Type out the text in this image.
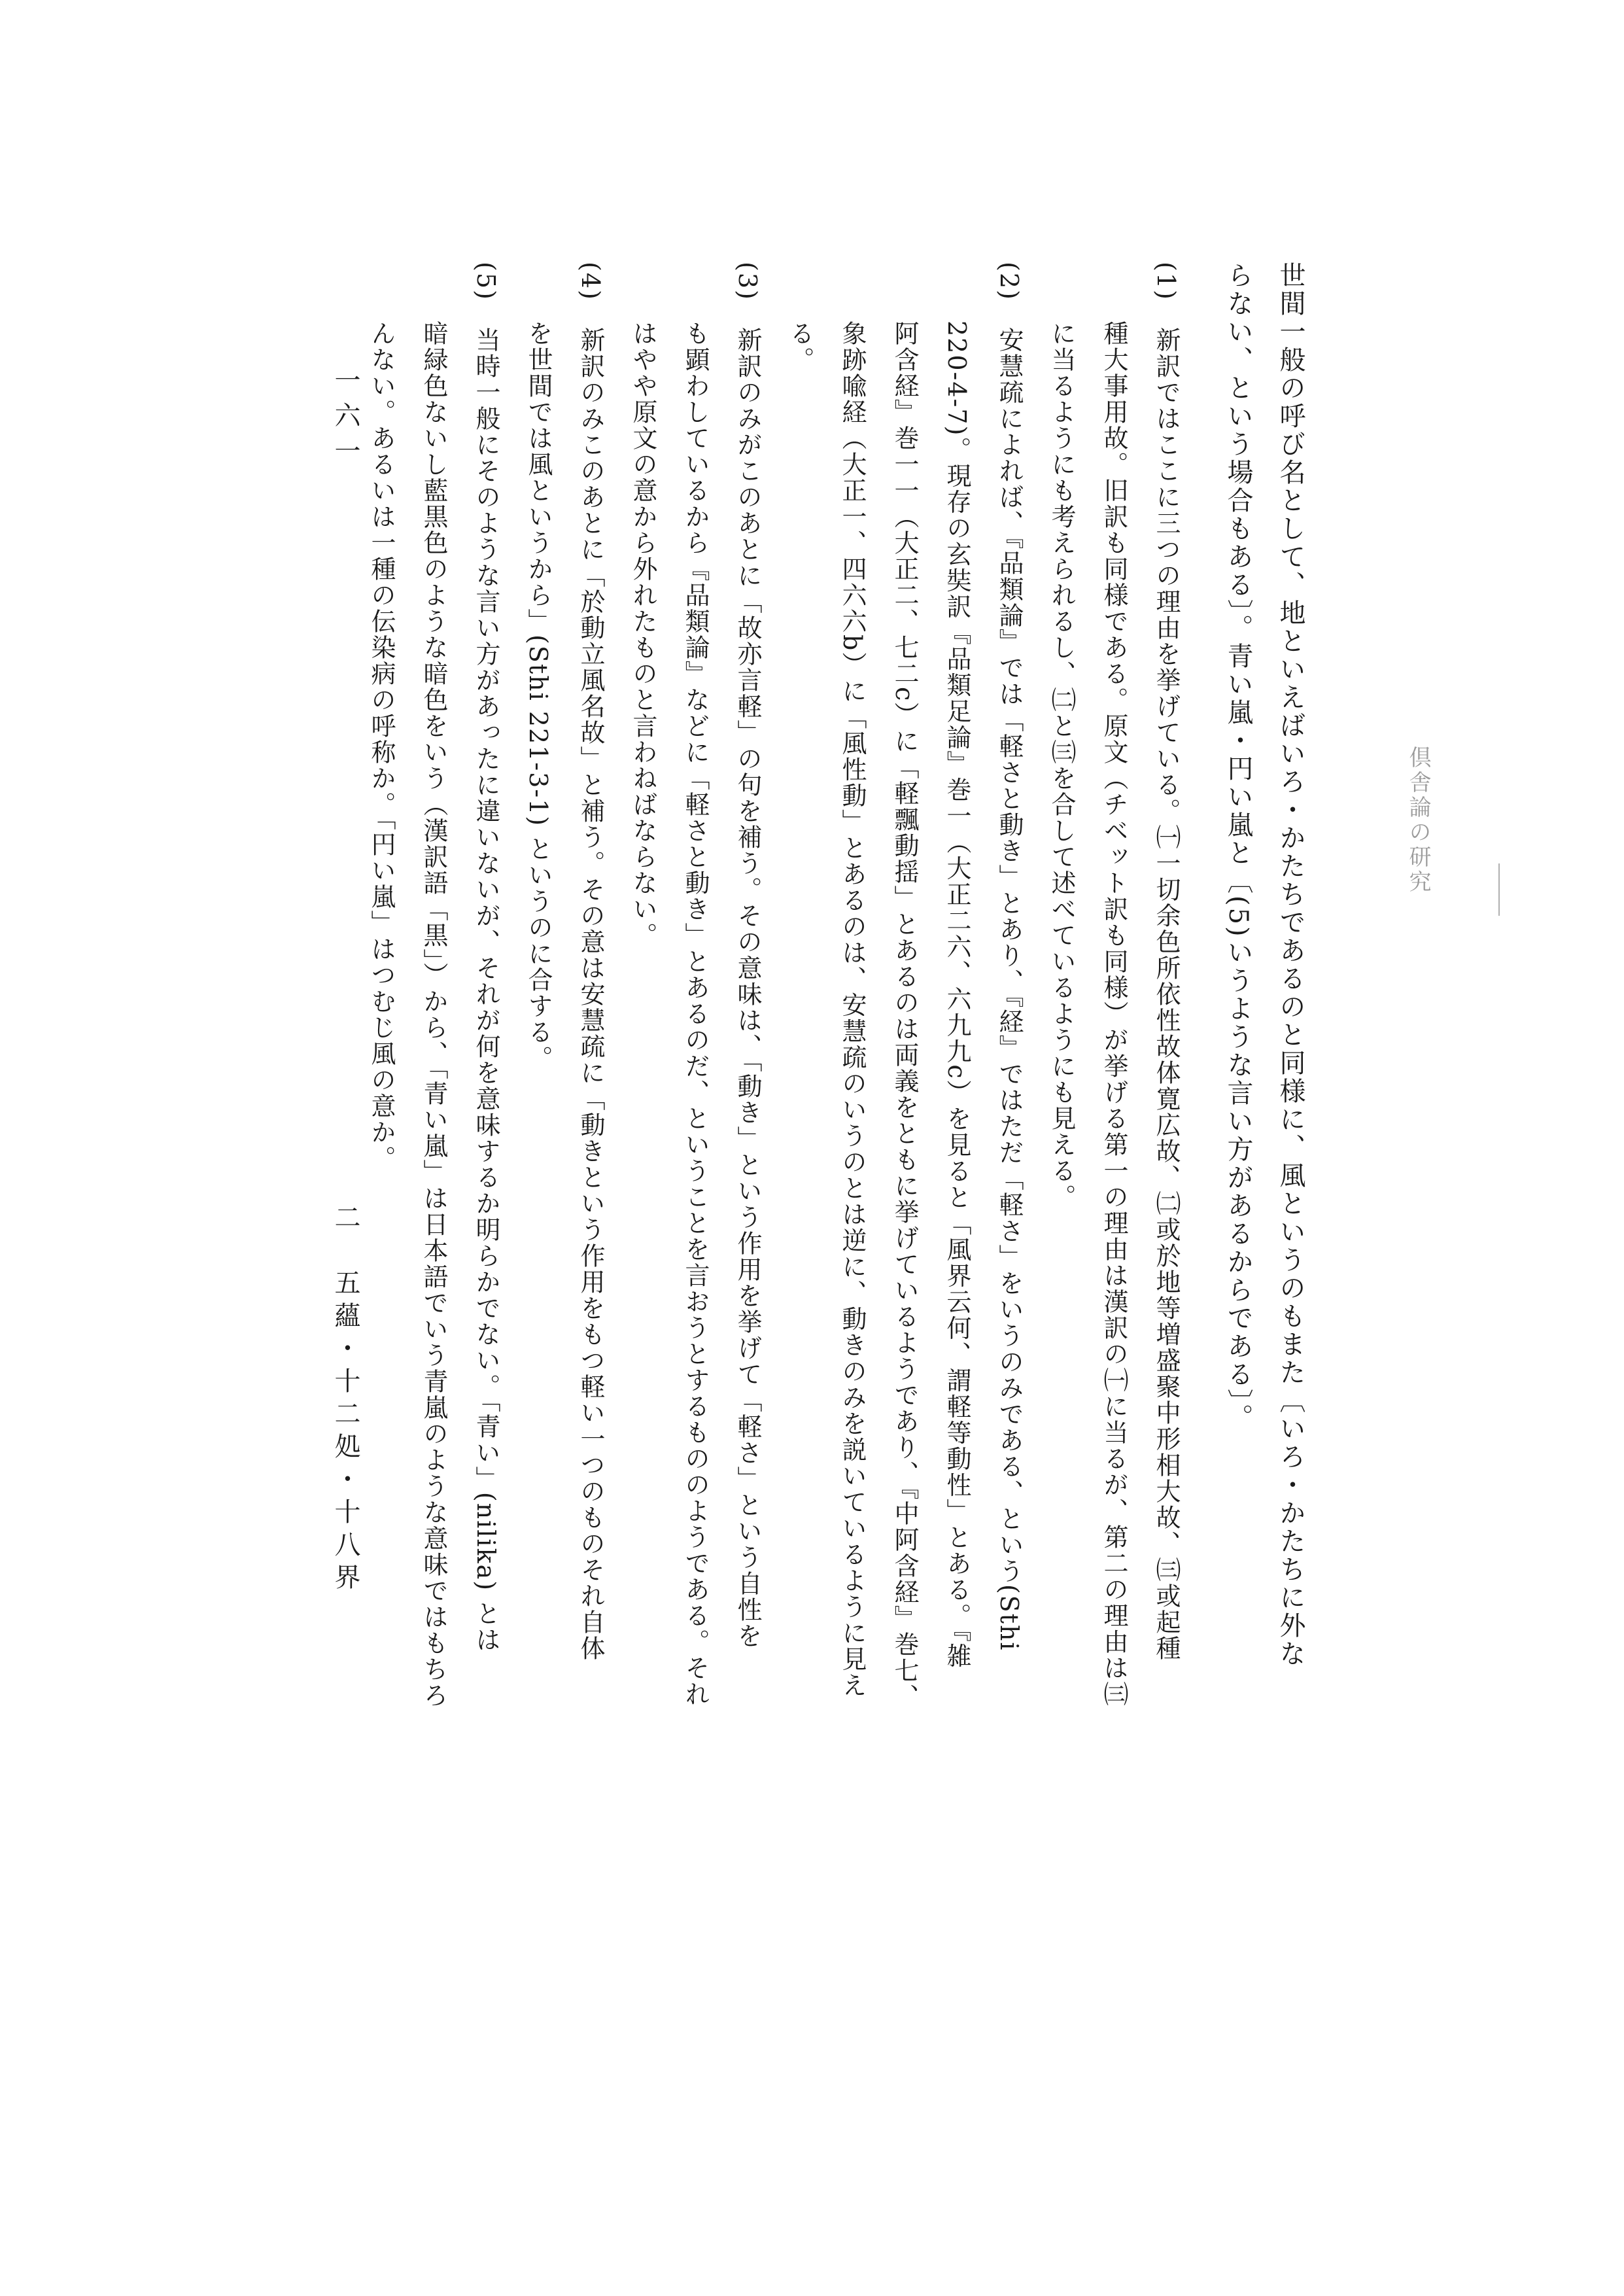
倶舎論の研究
世間一般の呼び名として、地といえばいろ・かたちであるのと同様に、風というのもまた〔いろ・かたちに外な
らない、という場合もある〕。青い嵐・円い嵐と〔(5)いうような言い方があるからである〕。
(1)　新訳ではここに三つの理由を挙げている。㈠一切余色所依性故体寛広故、㈡或於地等増盛聚中形相大故、㈢或起種
種大事用故。旧訳も同様である。原文（チベット訳も同様）が挙げる第一の理由は漢訳の㈠に当るが、第二の理由は㈢
に当るようにも考えられるし、㈡と㈢を合して述べているようにも見える。
(2)　安慧疏によれば、『品類論』では「軽さと動き」とあり、『経』ではただ「軽さ」をいうのみである、という(Sthi
220-4-7)。現存の玄奘訳『品類足論』巻一（大正二六、六九九c）を見ると「風界云何、謂軽等動性」とある。『雑
阿含経』巻一一（大正二、七二c）に「軽飄動揺」とあるのは両義をともに挙げているようであり、『中阿含経』巻七、
象跡喩経（大正一、四六六b）に「風性動」とあるのは、安慧疏のいうのとは逆に、動きのみを説いているように見え
る。
(3)　新訳のみがこのあとに「故亦言軽」の句を補う。その意味は、「動き」という作用を挙げて「軽さ」という自性を
も顕わしているから『品類論』などに「軽さと動き」とあるのだ、ということを言おうとするもののようである。それ
はやや原文の意から外れたものと言わねばならない。
(4)　新訳のみこのあとに「於動立風名故」と補う。その意は安慧疏に「動きという作用をもつ軽い一つのものそれ自体
を世間では風というから」(Sthi 221-3-1) というのに合する。
(5)　当時一般にそのような言い方があったに違いないが、それが何を意味するか明らかでない。「青い」(nilika) とは
暗緑色ないし藍黒色のような暗色をいう（漢訳語「黒」）から、「青い嵐」は日本語でいう青嵐のような意味ではもちろ
んない。あるいは一種の伝染病の呼称か。「円い嵐」はつむじ風の意か。
一六一
二　五蘊・十二処・十八界
